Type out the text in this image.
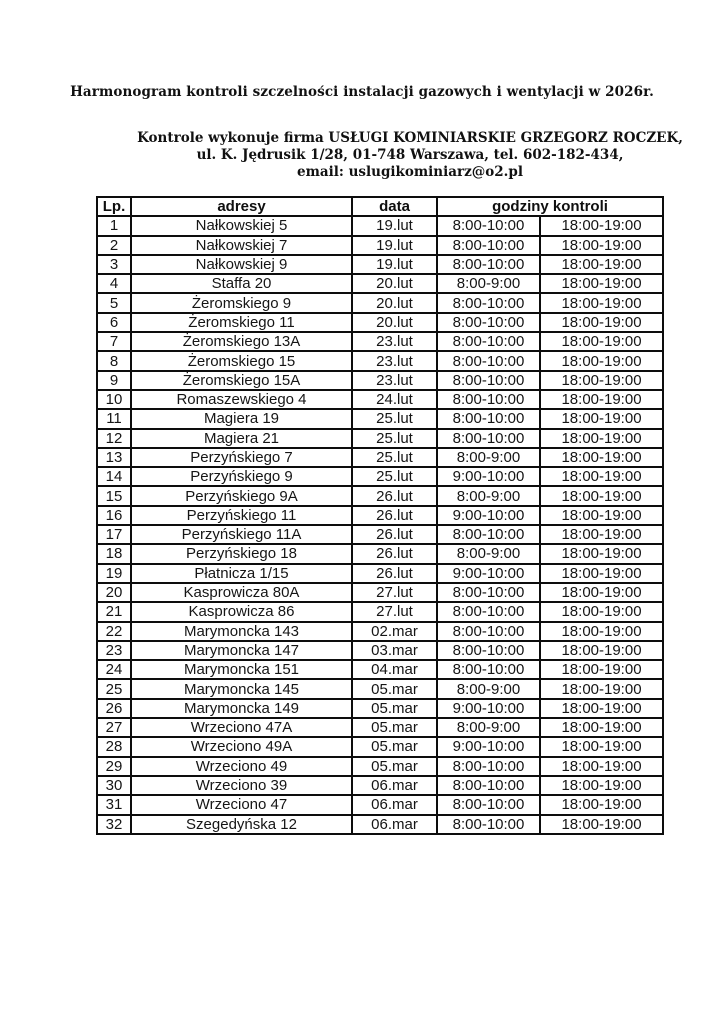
Harmonogram kontroli szczelności instalacji gazowych i wentylacji w 2026r.
Kontrole wykonuje firma USŁUGI KOMINIARSKIE GRZEGORZ ROCZEK,
ul. K. Jędrusik 1/28, 01-748 Warszawa, tel. 602-182-434,
email: uslugikominiarz@o2.pl
Lp.	adresy	data	godziny kontroli	
1	Nałkowskiej 5	19.lut	8:00-10:00	18:00-19:00
2	Nałkowskiej 7	19.lut	8:00-10:00	18:00-19:00
3	Nałkowskiej 9	19.lut	8:00-10:00	18:00-19:00
4	Staffa 20	20.lut	8:00-9:00	18:00-19:00
5	Żeromskiego 9	20.lut	8:00-10:00	18:00-19:00
6	Żeromskiego 11	20.lut	8:00-10:00	18:00-19:00
7	Żeromskiego 13A	23.lut	8:00-10:00	18:00-19:00
8	Żeromskiego 15	23.lut	8:00-10:00	18:00-19:00
9	Żeromskiego 15A	23.lut	8:00-10:00	18:00-19:00
10	Romaszewskiego 4	24.lut	8:00-10:00	18:00-19:00
11	Magiera 19	25.lut	8:00-10:00	18:00-19:00
12	Magiera 21	25.lut	8:00-10:00	18:00-19:00
13	Perzyńskiego 7	25.lut	8:00-9:00	18:00-19:00
14	Perzyńskiego 9	25.lut	9:00-10:00	18:00-19:00
15	Perzyńskiego 9A	26.lut	8:00-9:00	18:00-19:00
16	Perzyńskiego 11	26.lut	9:00-10:00	18:00-19:00
17	Perzyńskiego 11A	26.lut	8:00-10:00	18:00-19:00
18	Perzyńskiego 18	26.lut	8:00-9:00	18:00-19:00
19	Płatnicza 1/15	26.lut	9:00-10:00	18:00-19:00
20	Kasprowicza 80A	27.lut	8:00-10:00	18:00-19:00
21	Kasprowicza 86	27.lut	8:00-10:00	18:00-19:00
22	Marymoncka 143	02.mar	8:00-10:00	18:00-19:00
23	Marymoncka 147	03.mar	8:00-10:00	18:00-19:00
24	Marymoncka 151	04.mar	8:00-10:00	18:00-19:00
25	Marymoncka 145	05.mar	8:00-9:00	18:00-19:00
26	Marymoncka 149	05.mar	9:00-10:00	18:00-19:00
27	Wrzeciono 47A	05.mar	8:00-9:00	18:00-19:00
28	Wrzeciono 49A	05.mar	9:00-10:00	18:00-19:00
29	Wrzeciono 49	05.mar	8:00-10:00	18:00-19:00
30	Wrzeciono 39	06.mar	8:00-10:00	18:00-19:00
31	Wrzeciono 47	06.mar	8:00-10:00	18:00-19:00
32	Szegedyńska 12	06.mar	8:00-10:00	18:00-19:00
